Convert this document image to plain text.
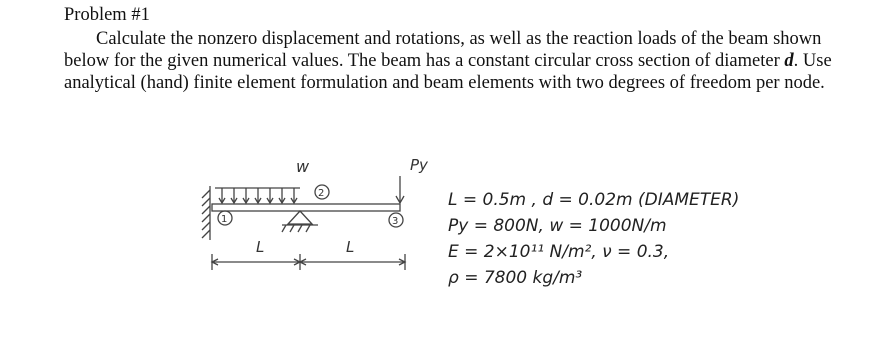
Problem #1

Calculate the nonzero displacement and rotations, as well as the reaction loads of the beam shown below for the given numerical values. The beam has a constant circular cross section of diameter d. Use analytical (hand) finite element formulation and beam elements with two degrees of freedom per node.

w	Py
1
2
3
L	L

L = 0.5m , d = 0.02m (DIAMETER)

Py = 800N, w = 1000N/m

E = 2×10¹¹ N/m², ν = 0.3,

ρ = 7800 kg/m³
